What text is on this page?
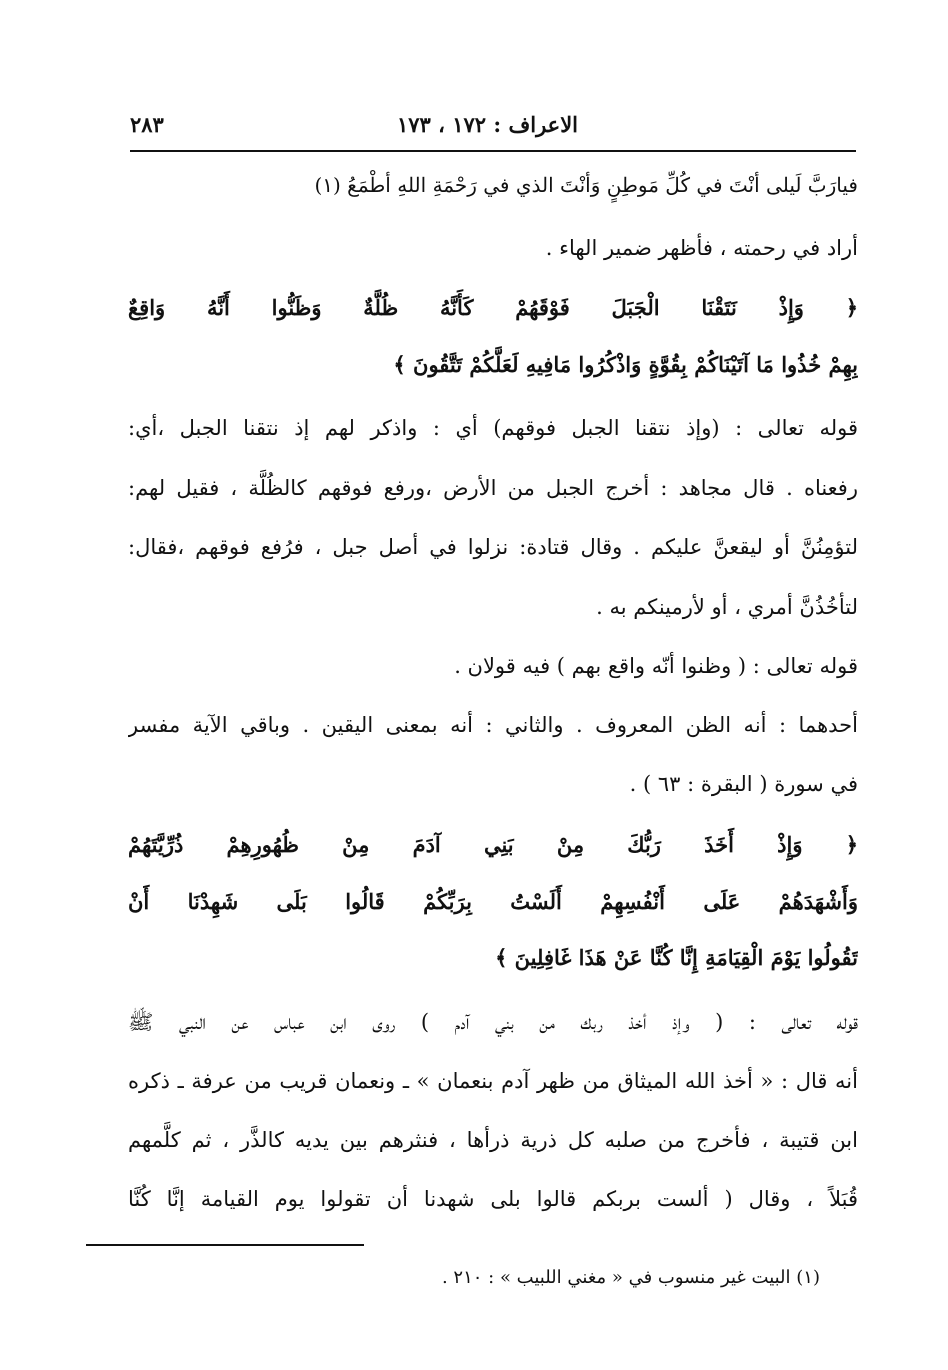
الاعراف : ١٧٢ ، ١٧٣
٢٨٣
فيارَبَّ لَيلى أنْتَ في كُلِّ مَوطِنٍ وَأنْتَ الذي في رَحْمَةِ اللهِ أطْمَعُ (١)
أراد في رحمته ، فأظهر ضمير الهاء .
﴿ وَإِذْ نَتَقْنَا الْجَبَلَ فَوْقَهُمْ كَأَنَّهُ ظُلَّةٌ وَظَنُّوا أَنَّهُ وَاقِعٌ
بِهِمْ خُذُوا مَا آتَيْنَاكُمْ بِقُوَّةٍ وَاذْكُرُوا مَافِيهِ لَعَلَّكُمْ تَتَّقُونَ ﴾
قوله تعالى : (وإذ نتقنا الجبل فوقهم) أي : واذكر لهم إذ نتقنا الجبل ،أي:
رفعناه . قال مجاهد : أخرج الجبل من الأرض ،ورفع فوقهم كالظُلَّة ، فقيل لهم:
لتؤمِنُنَّ أو ليقعنَّ عليكم . وقال قتادة: نزلوا في أصل جبل ، فرُفع فوقهم ،فقال:
لتأخُذُنَّ أمري ، أو لأرمينكم به .
قوله تعالى : ( وظنوا أنّه واقع بهم ) فيه قولان .
أحدهما : أنه الظن المعروف . والثاني : أنه بمعنى اليقين . وباقي الآية مفسر
في سورة ( البقرة : ٦٣ ) .
﴿ وَإِذْ أَخَذَ رَبُّكَ مِنْ بَنِي آدَمَ مِنْ ظُهُورِهِمْ ذُرِّيَّتَهُمْ
وَأَشْهَدَهُمْ عَلَى أَنْفُسِهِمْ أَلَسْتُ بِرَبِّكُمْ قَالُوا بَلَى شَهِدْنَا أَنْ
تَقُولُوا يَوْمَ الْقِيَامَةِ إِنَّا كُنَّا عَنْ هَذَا غَافِلِينَ ﴾
قوله تعالى : ( وإذ أخذ ربك من بني آدم ) روى ابن عباس عن النبي ﷺ
أنه قال : « أخذ الله الميثاق من ظهر آدم بنعمان » ـ ونعمان قريب من عرفة ـ ذكره
ابن قتيبة ، فأخرج من صلبه كل ذرية ذرأها ، فنثرهم بين يديه كالذَّر ، ثم كلَّمهم
قُبَلاً ، وقال ( ألست بربكم قالوا بلى شهدنا أن تقولوا يوم القيامة إنَّا كُنَّا
(١) البيت غير منسوب في « مغني اللبيب » : ٢١٠ .
